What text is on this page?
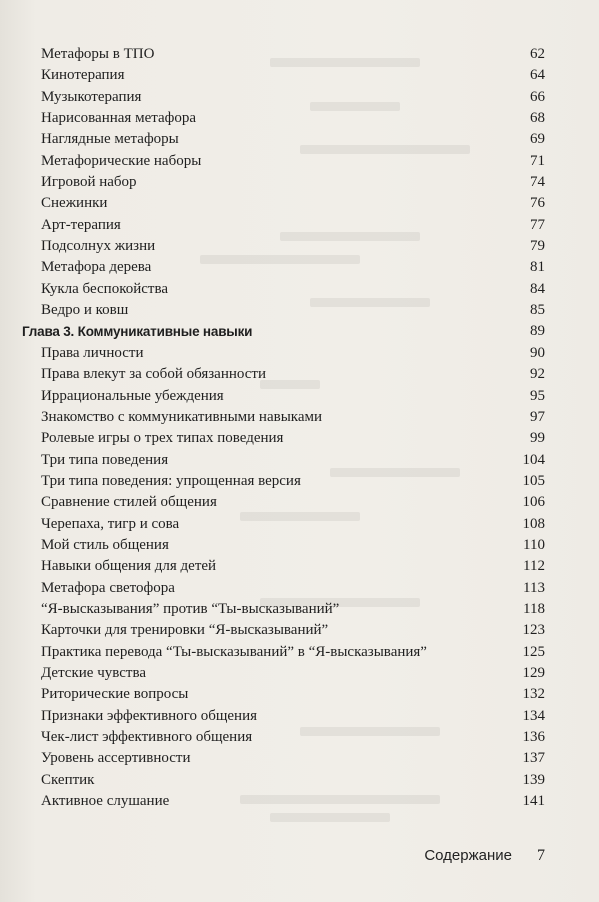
Метафоры в ТПО	62
Кинотерапия	64
Музыкотерапия	66
Нарисованная метафора	68
Наглядные метафоры	69
Метафорические наборы	71
Игровой набор	74
Снежинки	76
Арт-терапия	77
Подсолнух жизни	79
Метафора дерева	81
Кукла беспокойства	84
Ведро и ковш	85
Глава 3. Коммуникативные навыки	89
Права личности	90
Права влекут за собой обязанности	92
Иррациональные убеждения	95
Знакомство с коммуникативными навыками	97
Ролевые игры о трех типах поведения	99
Три типа поведения	104
Три типа поведения: упрощенная версия	105
Сравнение стилей общения	106
Черепаха, тигр и сова	108
Мой стиль общения	110
Навыки общения для детей	112
Метафора светофора	113
“Я-высказывания” против “Ты-высказываний”	118
Карточки для тренировки “Я-высказываний”	123
Практика перевода “Ты-высказываний” в “Я-высказывания”	125
Детские чувства	129
Риторические вопросы	132
Признаки эффективного общения	134
Чек-лист эффективного общения	136
Уровень ассертивности	137
Скептик	139
Активное слушание	141
Содержание 7
